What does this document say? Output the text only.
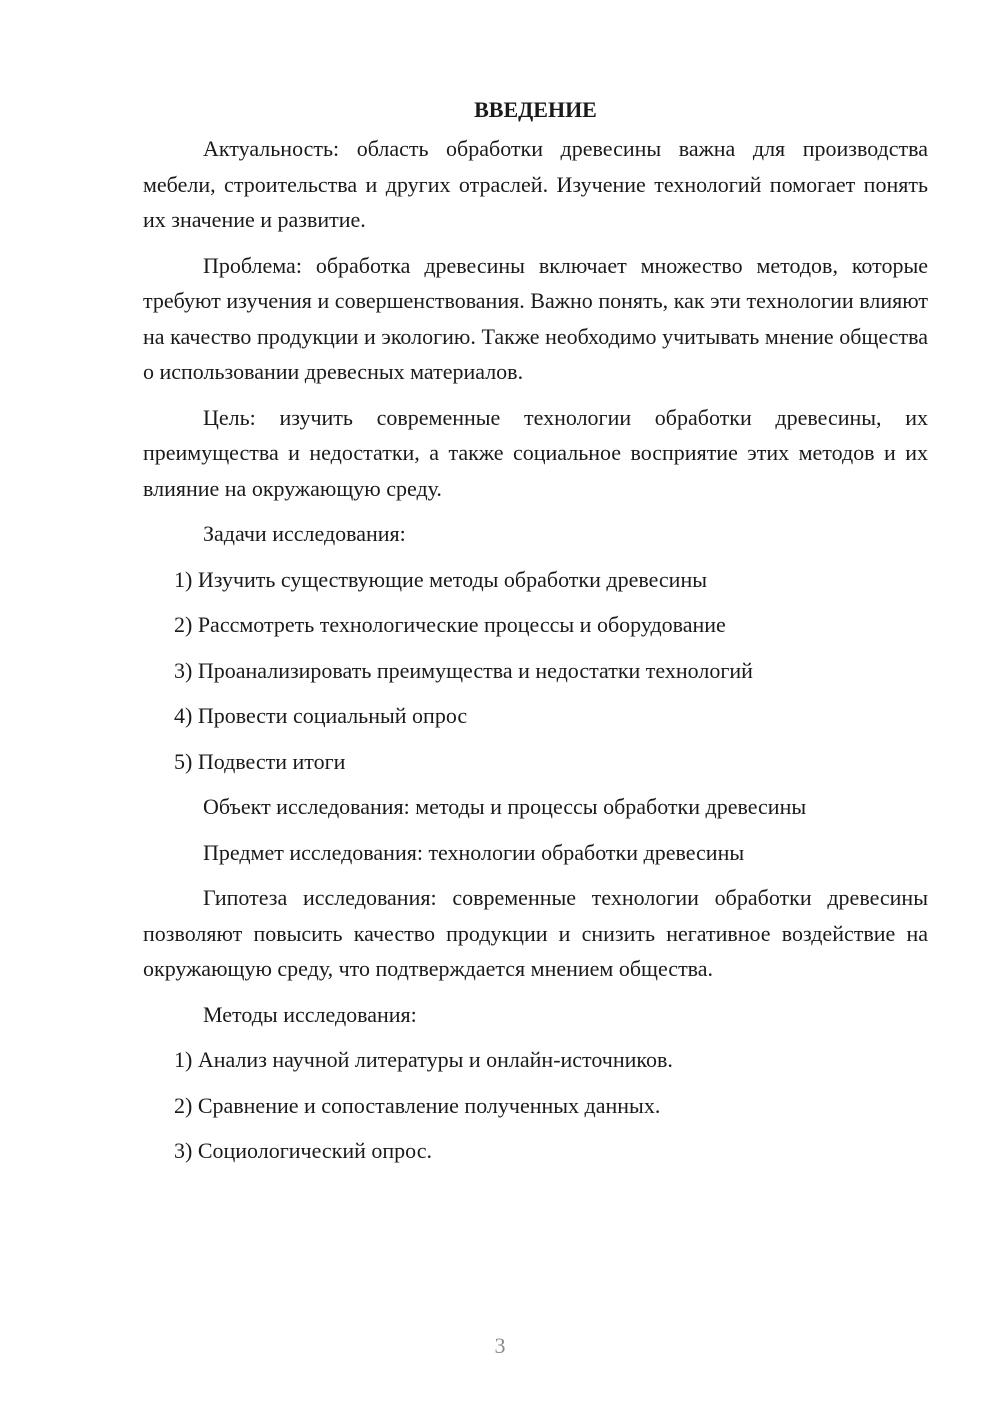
ВВЕДЕНИЕ

Актуальность: область обработки древесины важна для производства мебели, строительства и других отраслей. Изучение технологий помогает понять их значение и развитие.

Проблема: обработка древесины включает множество методов, которые требуют изучения и совершенствования. Важно понять, как эти технологии влияют на качество продукции и экологию. Также необходимо учитывать мнение общества о использовании древесных материалов.

Цель: изучить современные технологии обработки древесины, их преимущества и недостатки, а также социальное восприятие этих методов и их влияние на окружающую среду.

Задачи исследования:

1) Изучить существующие методы обработки древесины

2) Рассмотреть технологические процессы и оборудование

3) Проанализировать преимущества и недостатки технологий

4) Провести социальный опрос

5) Подвести итоги

Объект исследования: методы и процессы обработки древесины

Предмет исследования: технологии обработки древесины

Гипотеза исследования: современные технологии обработки древесины позволяют повысить качество продукции и снизить негативное воздействие на окружающую среду, что подтверждается мнением общества.

Методы исследования:

1) Анализ научной литературы и онлайн-источников.

2) Сравнение и сопоставление полученных данных.

3) Социологический опрос.

3
